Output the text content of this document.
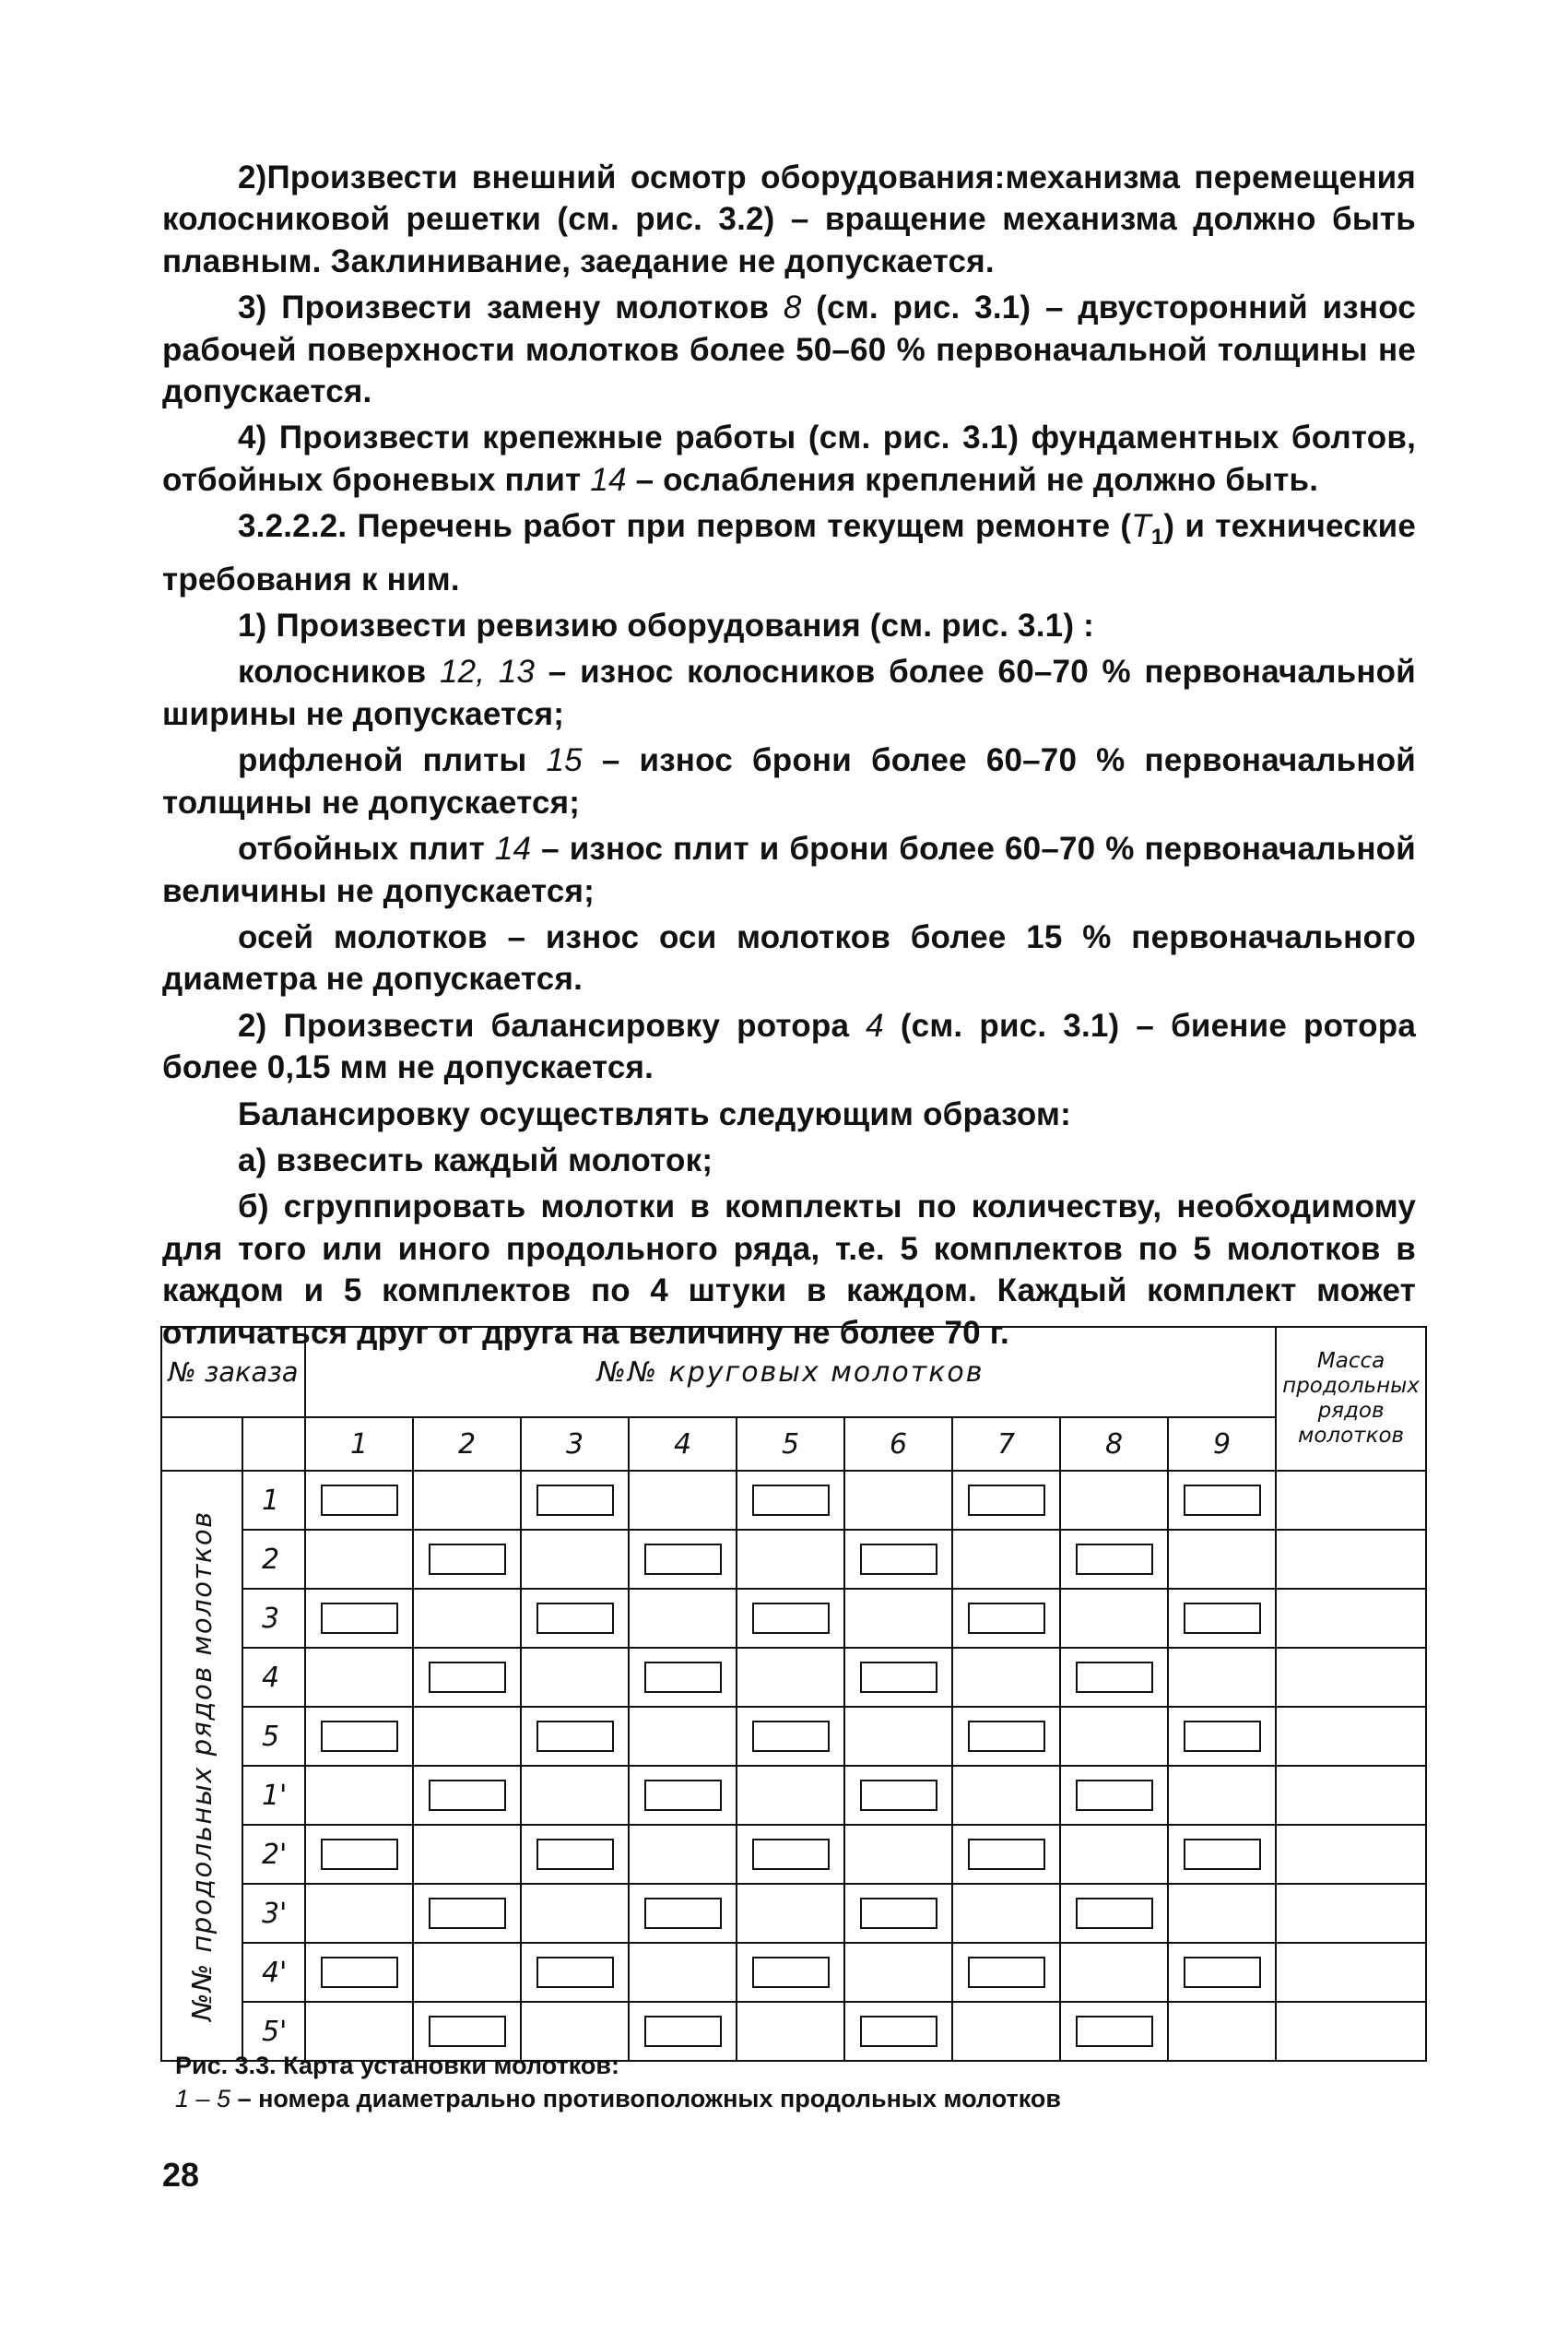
2)Произвести внешний осмотр оборудования:механизма перемещения колосниковой решетки (см. рис. 3.2) – вращение механизма должно быть плавным. Заклинивание, заедание не допускается.

3) Произвести замену молотков 8 (см. рис. 3.1) – двусторонний износ рабочей поверхности молотков более 50–60 % первоначальной толщины не допускается.

4) Произвести крепежные работы (см. рис. 3.1) фундаментных болтов, отбойных броневых плит 14 – ослабления креплений не должно быть.

3.2.2.2. Перечень работ при первом текущем ремонте $(T_1)$ и технические требования к ним.

1) Произвести ревизию оборудования (см. рис. 3.1) :

колосников 12, 13 – износ колосников более 60–70 % первоначальной ширины не допускается;

рифленой плиты 15 – износ брони более 60–70 % первоначальной толщины не допускается;

отбойных плит 14 – износ плит и брони более 60–70 % первоначальной величины не допускается;

осей молотков – износ оси молотков более 15 % первоначального диаметра не допускается.

2) Произвести балансировку ротора 4 (см. рис. 3.1) – биение ротора более 0,15 мм не допускается.

Балансировку осуществлять следующим образом:

а) взвесить каждый молоток;

б) сгруппировать молотки в комплекты по количеству, необходимому для того или иного продольного ряда, т.е. 5 комплектов по 5 молотков в каждом и 5 комплектов по 4 штуки в каждом. Каждый комплект может отличаться друг от друга на величину не более 70 г.

№ заказа		№№ круговых молотков									Масса продольных рядов молотков
		1	2	3	4	5	6	7	8	9	

№№ продольных рядов молотков	1	

	2		

	3	

	4		

	5	

	1'		

	2'	

	3'		

	4'	

	5'		

Рис. 3.3. Карта установки молотков:
1 – 5 – номера диаметрально противоположных продольных молотков
28
